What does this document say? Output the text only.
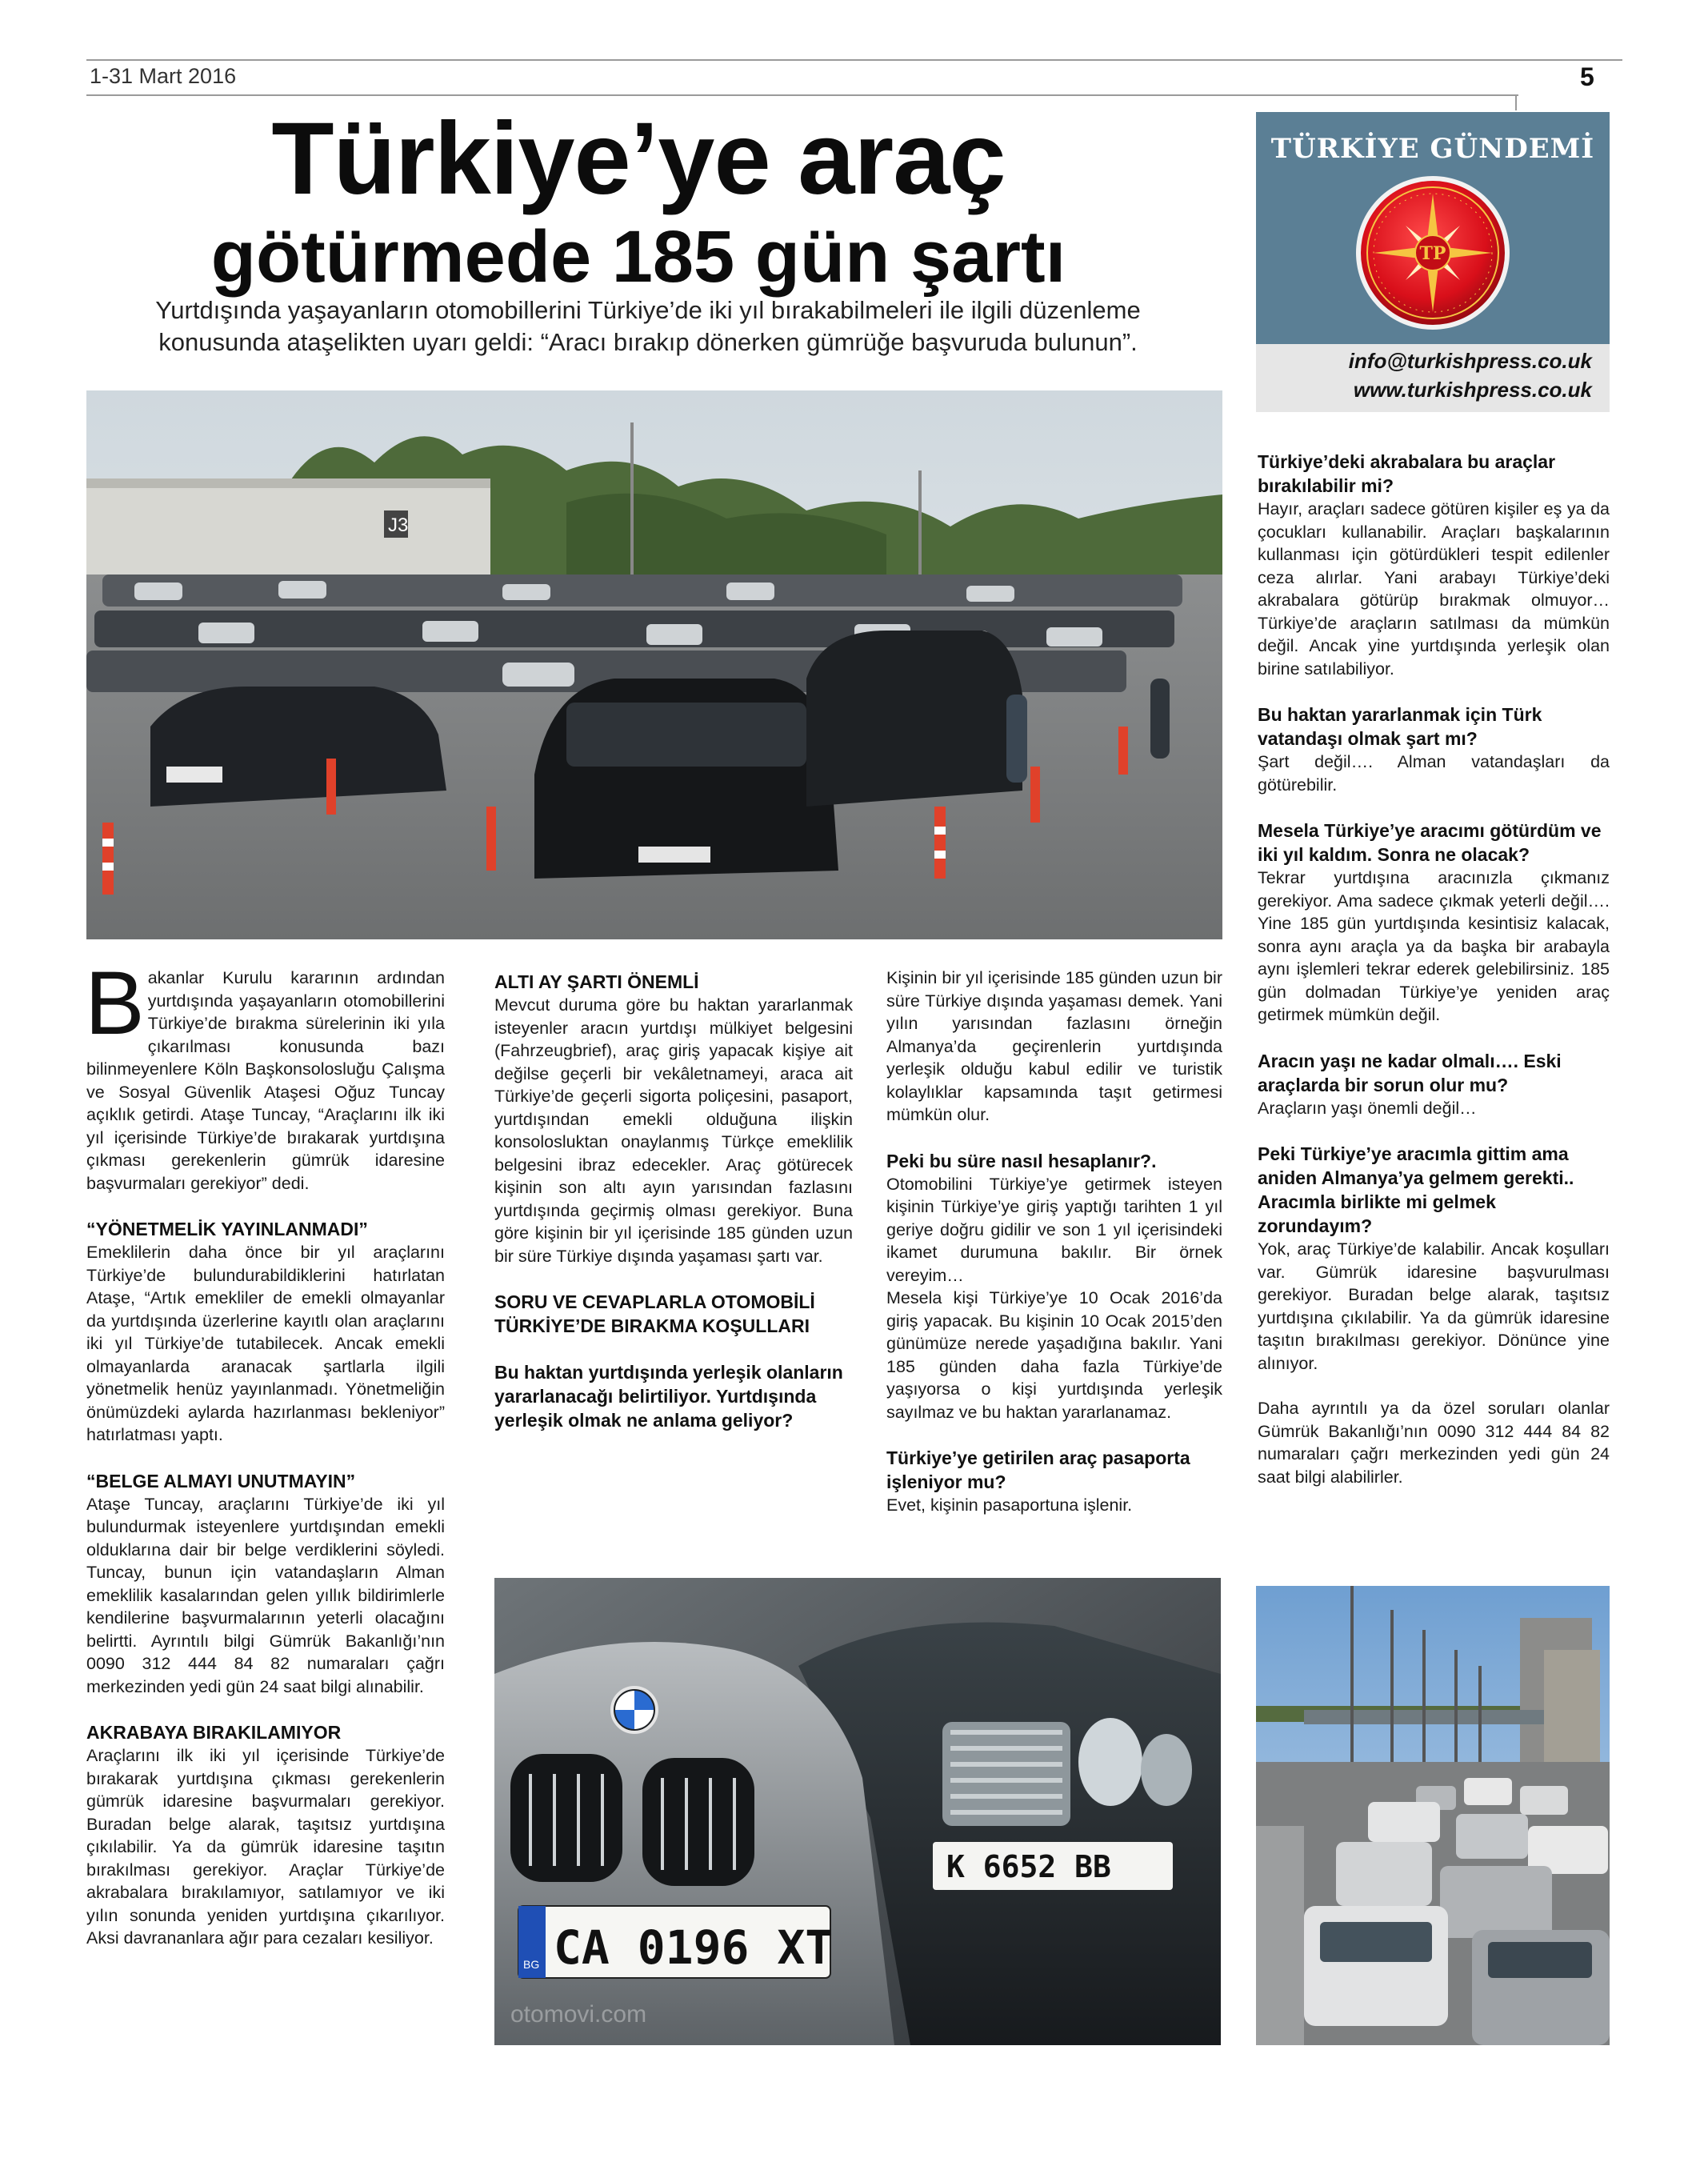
1-31 Mart 2016	5
Türkiye’ye araç
götürmede 185 gün şartı
Yurtdışında yaşayanların otomobillerini Türkiye’de iki yıl bırakabilmeleri ile ilgili düzenleme konusunda ataşelikten uyarı geldi: “Aracı bırakıp dönerken gümrüğe başvuruda bulunun”.
TÜRKİYE GÜNDEMİ
TP
info@turkishpress.co.uk
www.turkishpress.co.uk
J3
K 6652 BB
BG CA 0196 XT
otomovi.com

Bakanlar Kurulu kararının ardından yurtdışında yaşayanların otomobillerini Türkiye’de bırakma sürelerinin iki yıla çıkarılması konusunda bazı bilinmeyenlere Köln Başkonsolosluğu Çalışma ve Sosyal Güvenlik Ataşesi Oğuz Tuncay açıklık getirdi. Ataşe Tuncay, “Araçlarını ilk iki yıl içerisinde Türkiye’de bırakarak yurtdışına çıkması gerekenlerin gümrük idaresine başvurmaları gerekiyor” dedi.

“YÖNETMELİK YAYINLANMADI”

Emeklilerin daha önce bir yıl araçlarını Türkiye’de bulundurabildiklerini hatırlatan Ataşe, “Artık emekliler de emekli olmayanlar da yurtdışında üzerlerine kayıtlı olan araçlarını iki yıl Türkiye’de tutabilecek. Ancak emekli olmayanlarda aranacak şartlarla ilgili yönetmelik henüz yayınlanmadı. Yönetmeliğin önümüzdeki aylarda hazırlanması bekleniyor” hatırlatması yaptı.

“BELGE ALMAYI UNUTMAYIN”

Ataşe Tuncay, araçlarını Türkiye’de iki yıl bulundurmak isteyenlere yurtdışından emekli olduklarına dair bir belge verdiklerini söyledi. Tuncay, bunun için vatandaşların Alman emeklilik kasalarından gelen yıllık bildirimlerle kendilerine başvurmalarının yeterli olacağını belirtti. Ayrıntılı bilgi Gümrük Bakanlığı’nın 0090 312 444 84 82 numaraları çağrı merkezinden yedi gün 24 saat bilgi alınabilir.

AKRABAYA BIRAKILAMIYOR

Araçlarını ilk iki yıl içerisinde Türkiye’de bırakarak yurtdışına çıkması gerekenlerin gümrük idaresine başvurmaları gerekiyor. Buradan belge alarak, taşıtsız yurtdışına çıkılabilir. Ya da gümrük idaresine taşıtın bırakılması gerekiyor. Araçlar Türkiye’de akrabalara bırakılamıyor, satılamıyor ve iki yılın sonunda yeniden yurtdışına çıkarılıyor. Aksi davrananlara ağır para cezaları kesiliyor.

ALTI AY ŞARTI ÖNEMLİ

Mevcut duruma göre bu haktan yararlanmak isteyenler aracın yurtdışı mülkiyet belgesini (Fahrzeugbrief), araç giriş yapacak kişiye ait değilse geçerli bir vekâletnameyi, araca ait Türkiye’de geçerli sigorta poliçesini, pasaport, yurtdışından emekli olduğuna ilişkin konsolosluktan onaylanmış Türkçe emeklilik belgesini ibraz edecekler. Araç götürecek kişinin son altı ayın yarısından fazlasını yurtdışında geçirmiş olması gerekiyor. Buna göre kişinin bir yıl içerisinde 185 günden uzun bir süre Türkiye dışında yaşaması şartı var.

SORU VE CEVAPLARLA OTOMOBİLİ TÜRKİYE’DE BIRAKMA KOŞULLARI
Bu haktan yurtdışında yerleşik olanların yararlanacağı belirtiliyor. Yurtdışında yerleşik olmak ne anlama geliyor?

Kişinin bir yıl içerisinde 185 günden uzun bir süre Türkiye dışında yaşaması demek. Yani yılın yarısından fazlasını örneğin Almanya’da geçirenlerin yurtdışında yerleşik olduğu kabul edilir ve turistik kolaylıklar kapsamında taşıt getirmesi mümkün olur.

Peki bu süre nasıl hesaplanır?.

Otomobilini Türkiye’ye getirmek isteyen kişinin Türkiye’ye giriş yaptığı tarihten 1 yıl geriye doğru gidilir ve son 1 yıl içerisindeki ikamet durumuna bakılır. Bir örnek vereyim…

Mesela kişi Türkiye’ye 10 Ocak 2016’da giriş yapacak. Bu kişinin 10 Ocak 2015’den günümüze nerede yaşadığına bakılır. Yani 185 günden daha fazla Türkiye’de yaşıyorsa o kişi yurtdışında yerleşik sayılmaz ve bu haktan yararlanamaz.

Türkiye’ye getirilen araç pasaporta işleniyor mu?

Evet, kişinin pasaportuna işlenir.

Türkiye’deki akrabalara bu araçlar bırakılabilir mi?

Hayır, araçları sadece götüren kişiler eş ya da çocukları kullanabilir. Araçları başkalarının kullanması için götürdükleri tespit edilenler ceza alırlar. Yani arabayı Türkiye’deki akrabalara götürüp bırakmak olmuyor… Türkiye’de araçların satılması da mümkün değil. Ancak yine yurtdışında yerleşik olan birine satılabiliyor.

Bu haktan yararlanmak için Türk vatandaşı olmak şart mı?

Şart değil…. Alman vatandaşları da götürebilir.

Mesela Türkiye’ye aracımı götürdüm ve iki yıl kaldım. Sonra ne olacak?

Tekrar yurtdışına aracınızla çıkmanız gerekiyor. Ama sadece çıkmak yeterli değil…. Yine 185 gün yurtdışında kesintisiz kalacak, sonra aynı araçla ya da başka bir arabayla aynı işlemleri tekrar ederek gelebilirsiniz. 185 gün dolmadan Türkiye’ye yeniden araç getirmek mümkün değil.

Aracın yaşı ne kadar olmalı…. Eski araçlarda bir sorun olur mu?

Araçların yaşı önemli değil…

Peki Türkiye’ye aracımla gittim ama aniden Almanya’ya gelmem gerekti.. Aracımla birlikte mi gelmek zorundayım?

Yok, araç Türkiye’de kalabilir. Ancak koşulları var. Gümrük idaresine başvurulması gerekiyor. Buradan belge alarak, taşıtsız yurtdışına çıkılabilir. Ya da gümrük idaresine taşıtın bırakılması gerekiyor. Dönünce yine alınıyor.

Daha ayrıntılı ya da özel soruları olanlar Gümrük Bakanlığı’nın 0090 312 444 84 82 numaraları çağrı merkezinden yedi gün 24 saat bilgi alabilirler.
